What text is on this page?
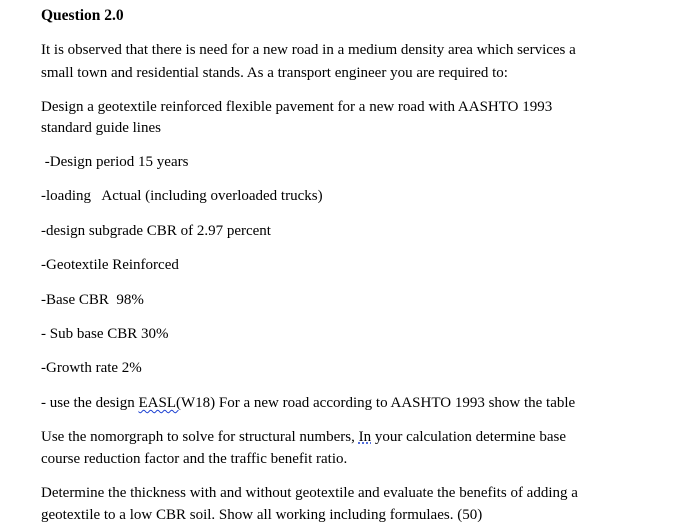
Question 2.0
It is observed that there is need for a new road in a medium density area which services a
small town and residential stands. As a transport engineer you are required to:
Design a geotextile reinforced flexible pavement for a new road with AASHTO 1993
standard guide lines
-Design period 15 years
-loading   Actual (including overloaded trucks)
-design subgrade CBR of 2.97 percent
-Geotextile Reinforced
-Base CBR  98%
- Sub base CBR 30%
-Growth rate 2%
- use the design EASL(W18) For a new road according to AASHTO 1993 show the table
Use the nomorgraph to solve for structural numbers, In your calculation determine base
course reduction factor and the traffic benefit ratio.
Determine the thickness with and without geotextile and evaluate the benefits of adding a
geotextile to a low CBR soil. Show all working including formulaes. (50)
